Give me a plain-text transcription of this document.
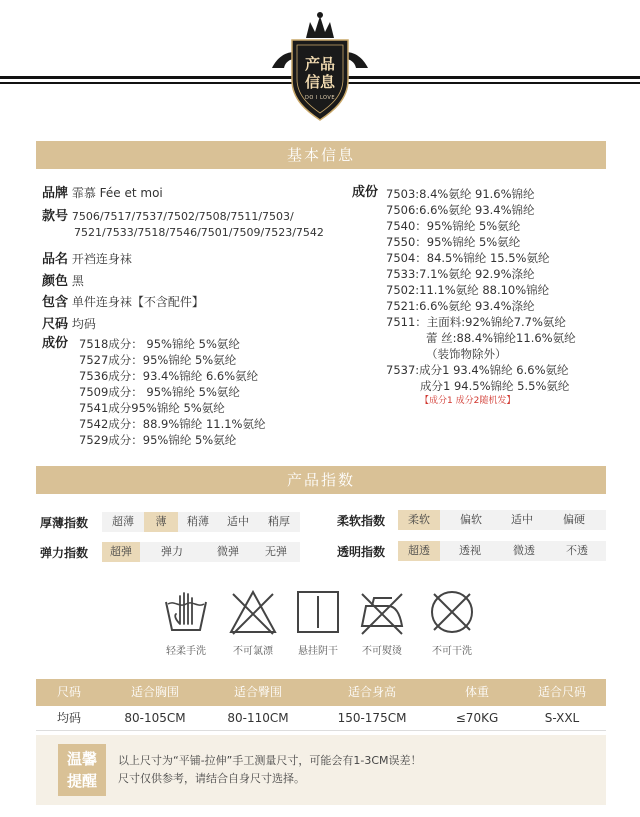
产品
信息
DO I LOVE
基本信息
品牌 霏慕 Fée et moi
款号 7506/7517/7537/7502/7508/7511/7503/
7521/7533/7518/7546/7501/7509/7523/7542
品名 开裆连身袜
颜色 黑
包含 单件连身袜【不含配件】
尺码 均码
成份 7518成分： 95%锦纶 5%氨纶
7527成分：95%锦纶 5%氨纶
7536成分：93.4%锦纶 6.6%氨纶
7509成分： 95%锦纶 5%氨纶
7541成分95%锦纶 5%氨纶
7542成分：88.9%锦纶 11.1%氨纶
7529成分：95%锦纶 5%氨纶
成份 7503:8.4%氨纶 91.6%锦纶
7506:6.6%氨纶 93.4%锦纶
7540：95%锦纶 5%氨纶
7550：95%锦纶 5%氨纶
7504：84.5%锦纶 15.5%氨纶
7533:7.1%氨纶 92.9%涤纶
7502:11.1%氨纶 88.10%锦纶
7521:6.6%氨纶 93.4%涤纶
7511：主面料:92%锦纶7.7%氨纶
蕾 丝:88.4%锦纶11.6%氨纶
（装饰物除外）
7537:成分1 93.4%锦纶 6.6%氨纶
成分1 94.5%锦纶 5.5%氨纶
【成分1 成分2随机发】
产品指数
厚薄指数	超薄	薄	稍薄	适中	稍厚	柔软指数	柔软	偏软	适中	偏硬
弹力指数	超弹	弹力	微弹	无弹	透明指数	超透	透视	微透	不透
轻柔手洗	不可氯漂	悬挂阴干	不可熨烫	不可干洗
尺码	适合胸围	适合臀围	适合身高	体重	适合尺码
均码	80-105CM	80-110CM	150-175CM	≤70KG	S-XXL
温馨
提醒
以上尺寸为“平铺-拉伸”手工测量尺寸，可能会有1-3CM误差！
尺寸仅供参考，请结合自身尺寸选择。
